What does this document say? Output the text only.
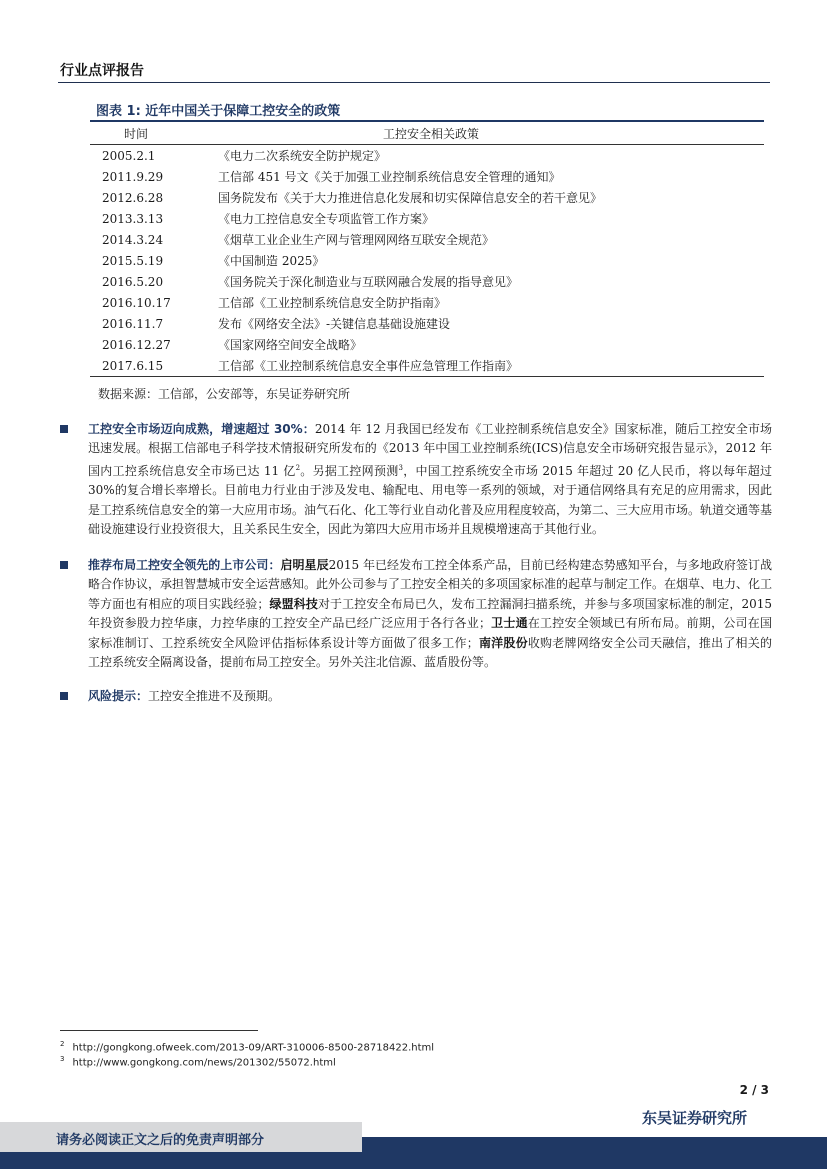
行业点评报告
图表 1: 近年中国关于保障工控安全的政策
时间	工控安全相关政策
2005.2.1	《电力二次系统安全防护规定》
2011.9.29	工信部 451 号文《关于加强工业控制系统信息安全管理的通知》
2012.6.28	国务院发布《关于大力推进信息化发展和切实保障信息安全的若干意见》
2013.3.13	《电力工控信息安全专项监管工作方案》
2014.3.24	《烟草工业企业生产网与管理网网络互联安全规范》
2015.5.19	《中国制造 2025》
2016.5.20	《国务院关于深化制造业与互联网融合发展的指导意见》
2016.10.17	工信部《工业控制系统信息安全防护指南》
2016.11.7	发布《网络安全法》-关键信息基础设施建设
2016.12.27	《国家网络空间安全战略》
2017.6.15	工信部《工业控制系统信息安全事件应急管理工作指南》
数据来源：工信部，公安部等，东吴证券研究所

工控安全市场迈向成熟，增速超过 30%：2014 年 12 月我国已经发布《工业控制系统信息安全》国家标准，随后工控安全市场迅速发展。根据工信部电子科学技术情报研究所发布的《2013 年中国工业控制系统(ICS)信息安全市场研究报告显示》，2012 年国内工控系统信息安全市场已达 11 亿$^2$。另据工控网预测$^3$，中国工控系统安全市场 2015 年超过 20 亿人民币，将以每年超过 30%的复合增长率增长。目前电力行业由于涉及发电、输配电、用电等一系列的领域，对于通信网络具有充足的应用需求，因此是工控系统信息安全的第一大应用市场。油气石化、化工等行业自动化普及应用程度较高，为第二、三大应用市场。轨道交通等基础设施建设行业投资很大，且关系民生安全，因此为第四大应用市场并且规模增速高于其他行业。

推荐布局工控安全领先的上市公司：启明星辰2015 年已经发布工控全体系产品，目前已经构建态势感知平台，与多地政府签订战略合作协议，承担智慧城市安全运营感知。此外公司参与了工控安全相关的多项国家标准的起草与制定工作。在烟草、电力、化工等方面也有相应的项目实践经验；绿盟科技对于工控安全布局已久，发布工控漏洞扫描系统，并参与多项国家标准的制定，2015 年投资参股力控华康，力控华康的工控安全产品已经广泛应用于各行各业；卫士通在工控安全领域已有所布局。前期，公司在国家标准制订、工控系统安全风险评估指标体系设计等方面做了很多工作；南洋股份收购老牌网络安全公司天融信，推出了相关的工控系统安全隔离设备，提前布局工控安全。另外关注北信源、蓝盾股份等。

风险提示：工控安全推进不及预期。

$^2$ http://gongkong.ofweek.com/2013-09/ART-310006-8500-28718422.html
$^3$ http://www.gongkong.com/news/201302/55072.html
2 / 3
东吴证券研究所
请务必阅读正文之后的免责声明部分
